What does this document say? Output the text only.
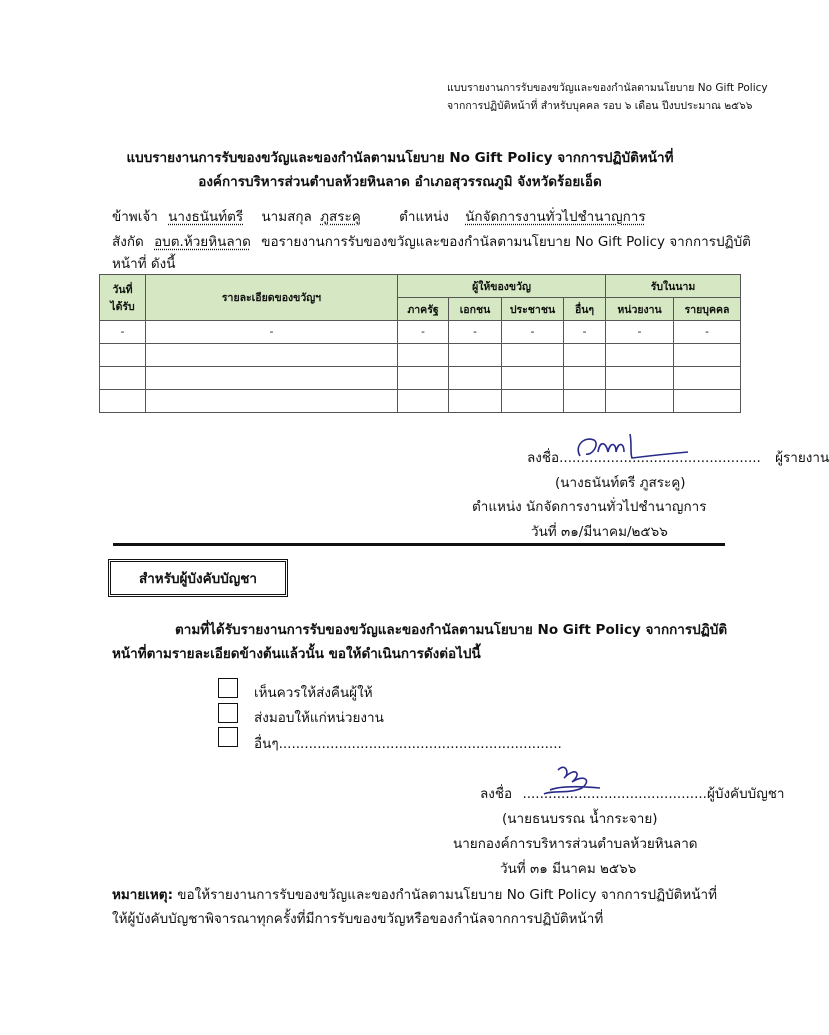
แบบรายงานการรับของขวัญและของกำนัลตามนโยบาย No Gift Policy
จากการปฏิบัติหน้าที่ สำหรับบุคคล รอบ ๖ เดือน ปีงบประมาณ ๒๕๖๖
แบบรายงานการรับของขวัญและของกำนัลตามนโยบาย No Gift Policy จากการปฏิบัติหน้าที่
องค์การบริหารส่วนตำบลห้วยหินลาด อำเภอสุวรรณภูมิ จังหวัดร้อยเอ็ด
ข้าพเจ้า นางธนันท์ตรี นามสกุล ภูสระคู	ตำแหน่ง นักจัดการงานทั่วไปชำนาญการ
สังกัด อบต.ห้วยหินลาด ขอรายงานการรับของขวัญและของกำนัลตามนโยบาย No Gift Policy จากการปฏิบัติ
หน้าที่ ดังนี้
วันที่
ได้รับ	รายละเอียดของขวัญฯ	ผู้ให้ของขวัญ				รับในนาม	
		ภาครัฐ	เอกชน	ประชาชน	อื่นๆ	หน่วยงาน	รายบุคคล
-	-	-	-	-	-	-	-

ลงชื่อ............................................... ผู้รายงาน
(นางธนันท์ตรี ภูสระคู)
ตำแหน่ง นักจัดการงานทั่วไปชำนาญการ
วันที่ ๓๑/มีนาคม/๒๕๖๖
สำหรับผู้บังคับบัญชา
ตามที่ได้รับรายงานการรับของขวัญและของกำนัลตามนโยบาย No Gift Policy จากการปฏิบัติ
หน้าที่ตามรายละเอียดข้างต้นแล้วนั้น ขอให้ดำเนินการดังต่อไปนี้
เห็นควรให้ส่งคืนผู้ให้
ส่งมอบให้แก่หน่วยงาน
อื่นๆ..................................................................
ลงชื่อ ...........................................ผู้บังคับบัญชา
(นายธนบรรณ น้ำกระจาย)
นายกองค์การบริหารส่วนตำบลห้วยหินลาด
วันที่ ๓๑ มีนาคม ๒๕๖๖
หมายเหตุ: ขอให้รายงานการรับของขวัญและของกำนัลตามนโยบาย No Gift Policy จากการปฏิบัติหน้าที่
ให้ผู้บังคับบัญชาพิจารณาทุกครั้งที่มีการรับของขวัญหรือของกำนัลจากการปฏิบัติหน้าที่
